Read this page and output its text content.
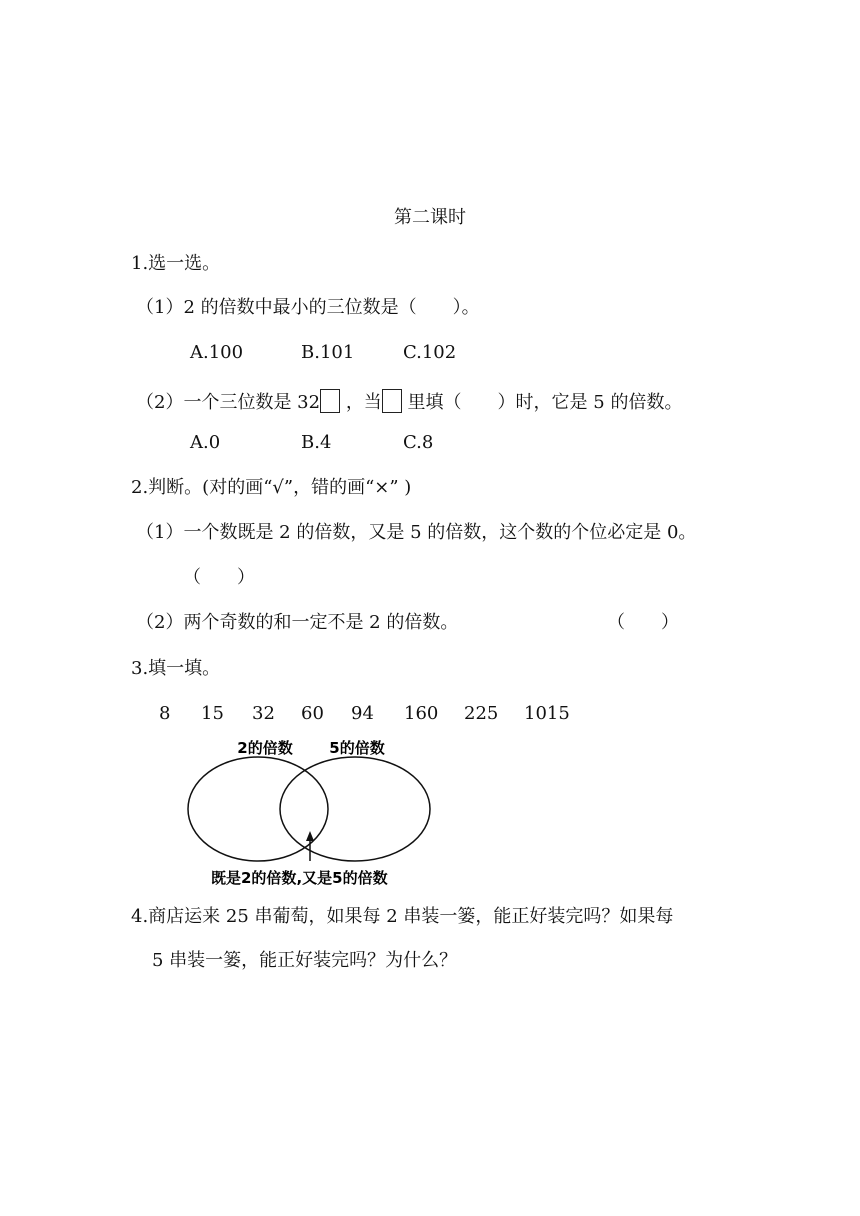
第二课时
1.选一选。
（1）2 的倍数中最小的三位数是（　　）。
A.100	B.101	C.102
（2）一个三位数是 32 ，当 里填（　　）时，它是 5 的倍数。
A.0	B.4	C.8
2.判断。(对的画“√”，错的画“×” )
（1）一个数既是 2 的倍数，又是 5 的倍数，这个数的个位必定是 0。
（　　）
（2）两个奇数的和一定不是 2 的倍数。	（　　）
3.填一填。
8 15 32 60 94 160 225 1015
2的倍数 5的倍数
既是2的倍数,又是5的倍数
4.商店运来 25 串葡萄，如果每 2 串装一篓，能正好装完吗？如果每
5 串装一篓，能正好装完吗？为什么？
